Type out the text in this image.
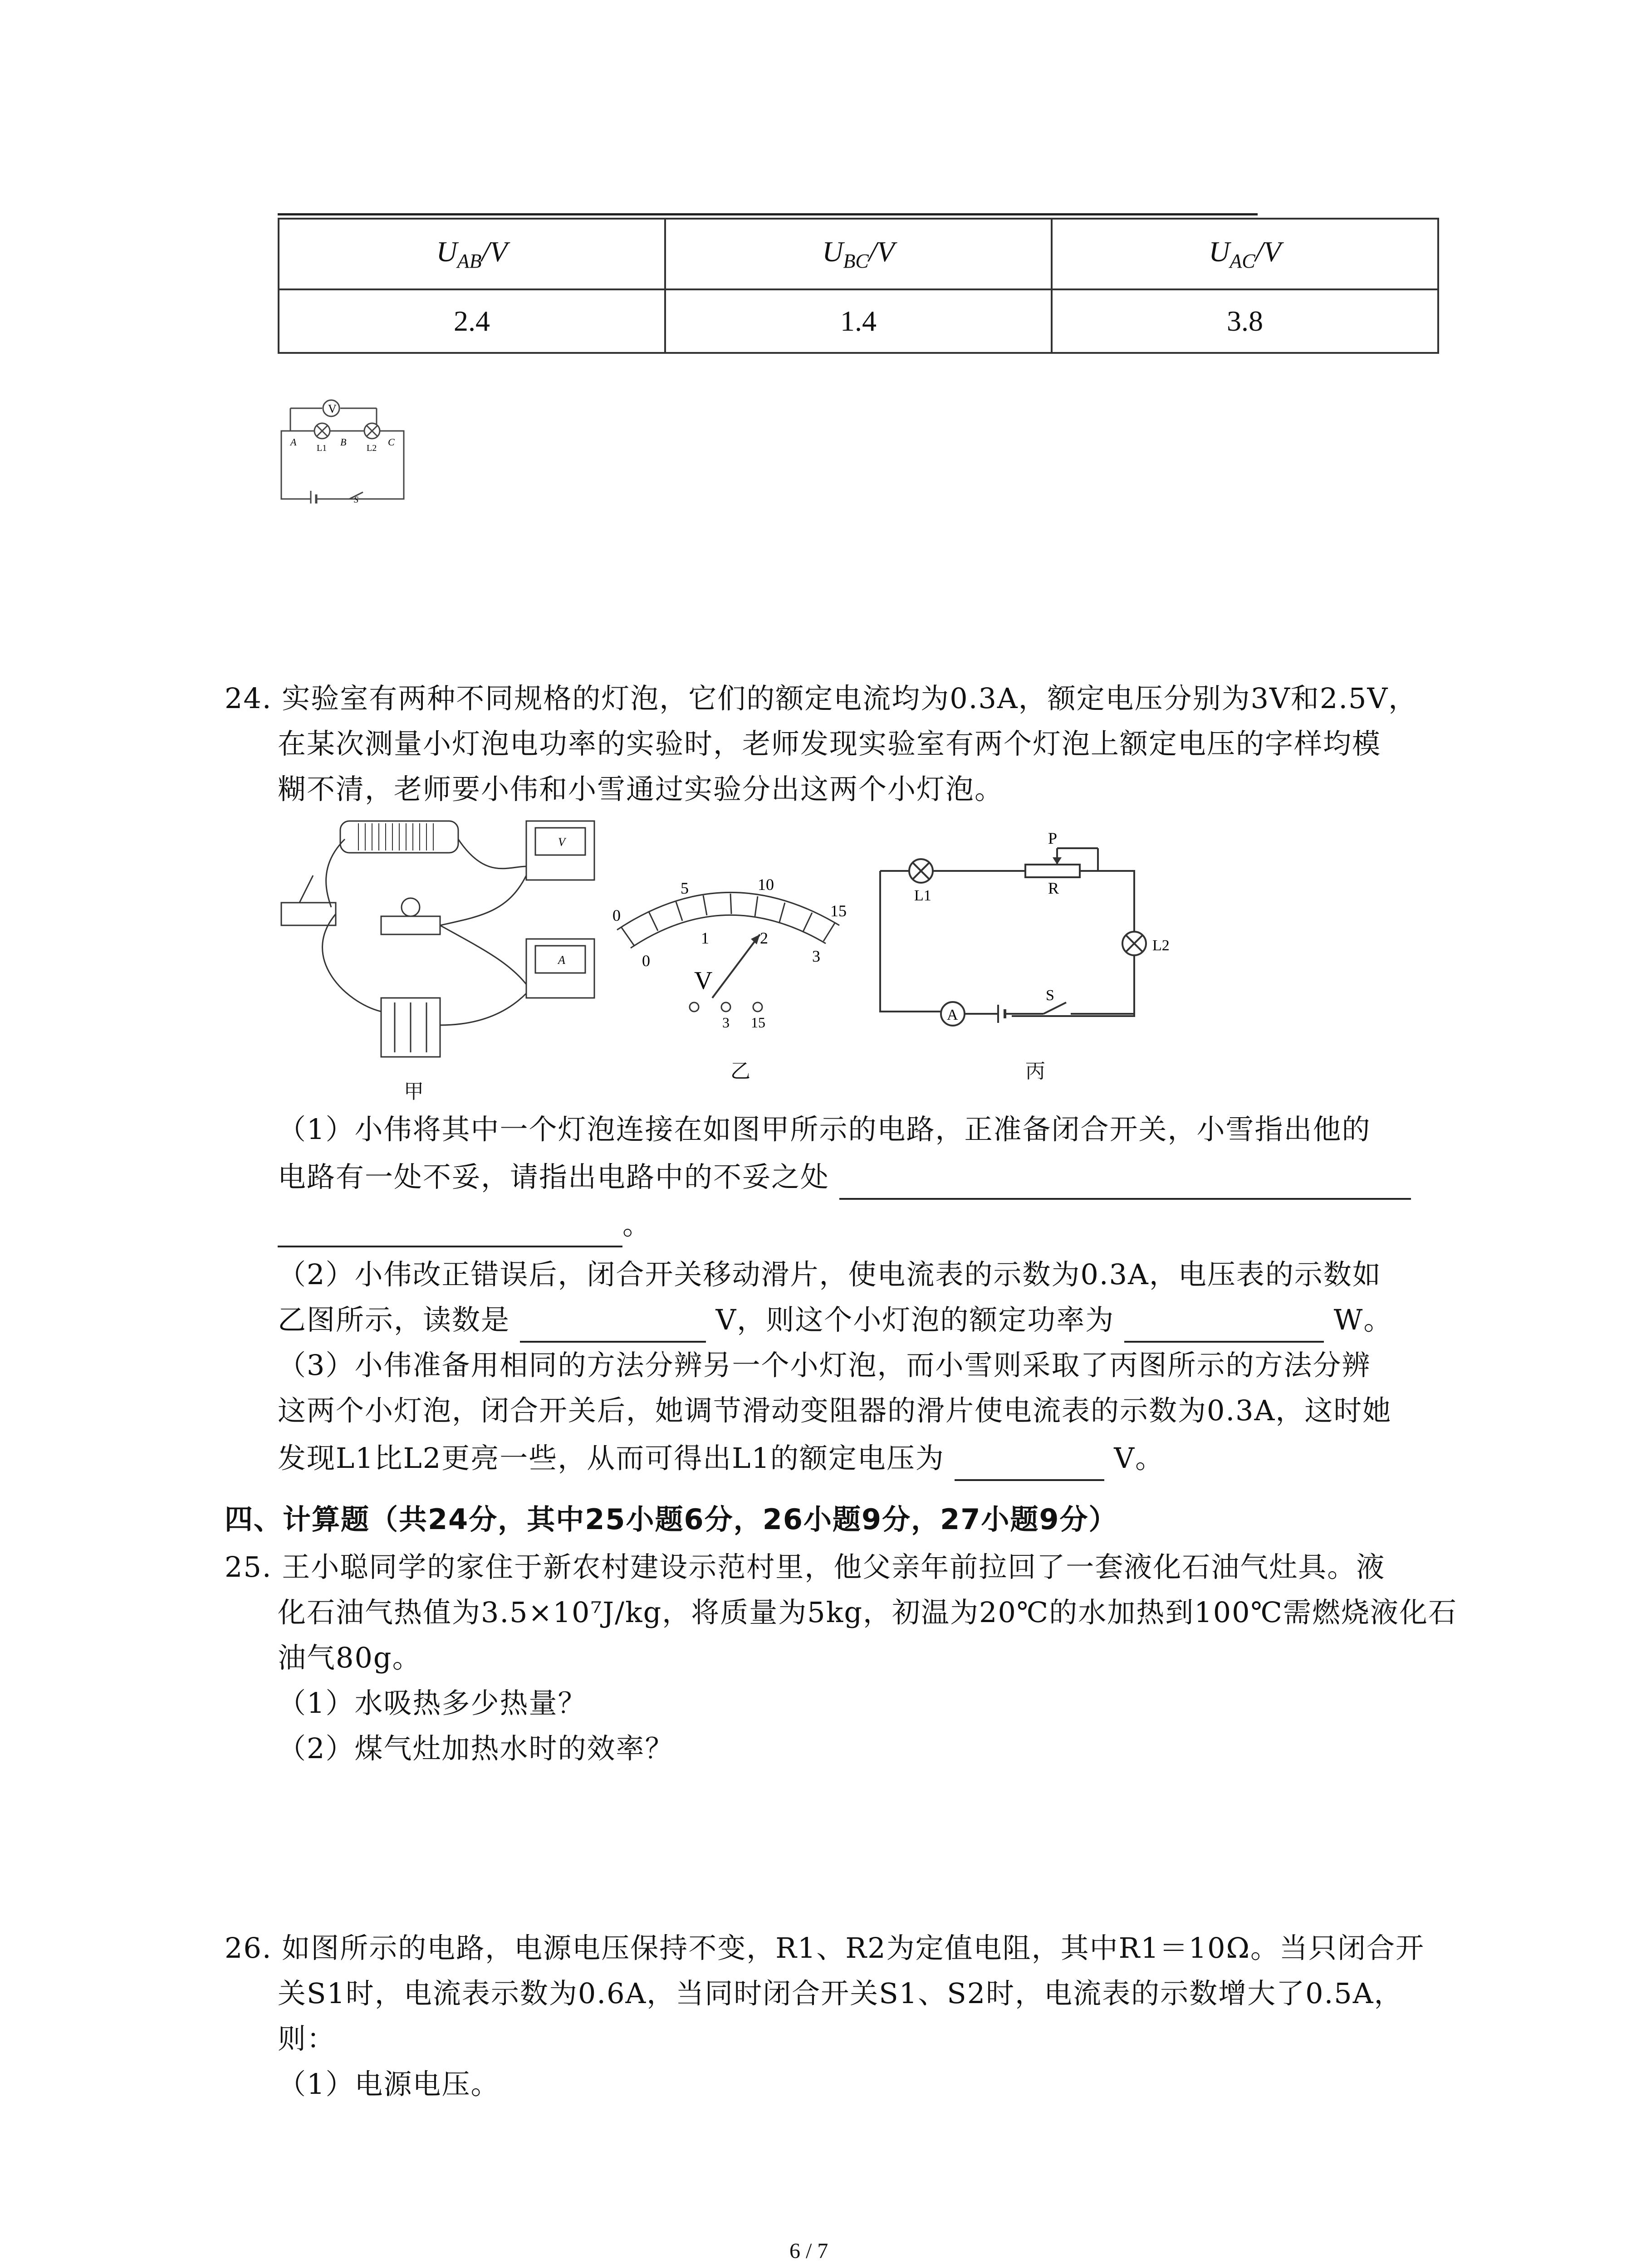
$U_{AB}/V$	$U_{BC}/V$	$U_{AC}/V$
2.4	1.4	3.8
V
A	B	C
L1	L2
S
24. 实验室有两种不同规格的灯泡，它们的额定电流均为0.3A，额定电压分别为3V和2.5V，
在某次测量小灯泡电功率的实验时，老师发现实验室有两个灯泡上额定电压的字样均模
糊不清，老师要小伟和小雪通过实验分出这两个小灯泡。
V
A
甲
0
5	10
15
0
1	2
3
V
3 15
乙
P
R
L1
L2
A
S
丙
（1）小伟将其中一个灯泡连接在如图甲所示的电路，正准备闭合开关，小雪指出他的
电路有一处不妥，请指出电路中的不妥之处
。
（2）小伟改正错误后，闭合开关移动滑片，使电流表的示数为0.3A，电压表的示数如
乙图所示，读数是	V，则这个小灯泡的额定功率为	W。
（3）小伟准备用相同的方法分辨另一个小灯泡，而小雪则采取了丙图所示的方法分辨
这两个小灯泡，闭合开关后，她调节滑动变阻器的滑片使电流表的示数为0.3A，这时她
发现L1比L2更亮一些，从而可得出L1的额定电压为	V。
四、计算题（共24分，其中25小题6分，26小题9分，27小题9分）
25. 王小聪同学的家住于新农村建设示范村里，他父亲年前拉回了一套液化石油气灶具。液
化石油气热值为3.5×10⁷J/kg，将质量为5kg，初温为20℃的水加热到100℃需燃烧液化石
油气80g。
（1）水吸热多少热量？
（2）煤气灶加热水时的效率？
26. 如图所示的电路，电源电压保持不变，R1、R2为定值电阻，其中R1＝10Ω。当只闭合开
关S1时，电流表示数为0.6A，当同时闭合开关S1、S2时，电流表的示数增大了0.5A，
则：
（1）电源电压。
6 / 7
